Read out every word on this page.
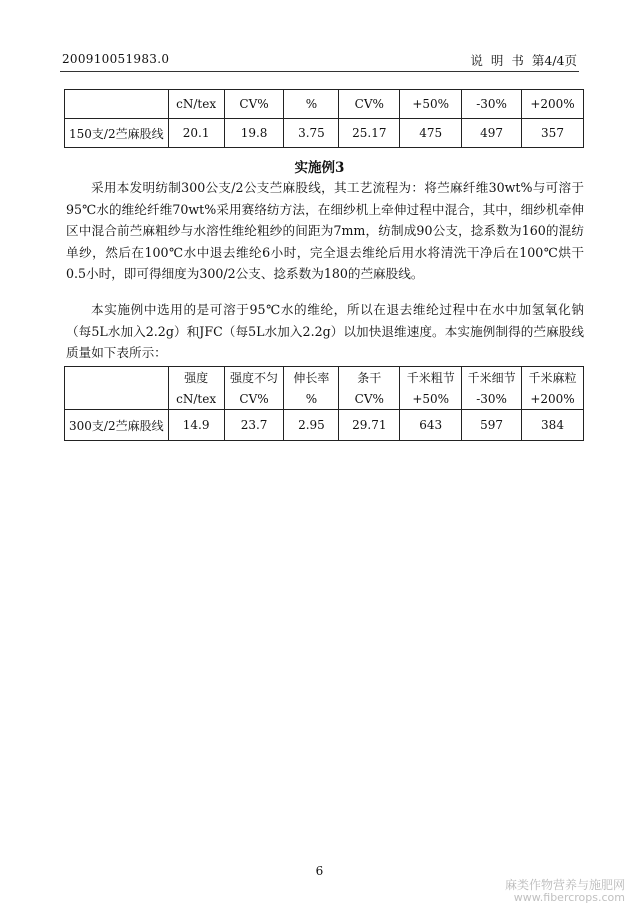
200910051983.0	说 明 书 第4/4页
	cN/tex	CV%	%	CV%	+50%	-30%	+200%
150支/2苎麻股线	20.1	19.8	3.75	25.17	475	497	357
实施例3

采用本发明纺制300公支/2公支苎麻股线，其工艺流程为：将苎麻纤维30wt%与可溶于95℃水的维纶纤维70wt%采用赛络纺方法，在细纱机上牵伸过程中混合，其中，细纱机牵伸区中混合前苎麻粗纱与水溶性维纶粗纱的间距为7mm，纺制成90公支，捻系数为160的混纺单纱，然后在100℃水中退去维纶6小时，完全退去维纶后用水将清洗干净后在100℃烘干0.5小时，即可得细度为300/2公支、捻系数为180的苎麻股线。

本实施例中选用的是可溶于95℃水的维纶，所以在退去维纶过程中在水中加氢氧化钠（每5L水加入2.2g）和JFC（每5L水加入2.2g）以加快退维速度。本实施例制得的苎麻股线质量如下表所示：

	强度	强度不匀	伸长率	条干	千米粗节	千米细节	千米麻粒
	cN/tex	CV%	%	CV%	+50%	-30%	+200%
300支/2苎麻股线	14.9	23.7	2.95	29.71	643	597	384
6
麻类作物营养与施肥网
www.fibercrops.com
